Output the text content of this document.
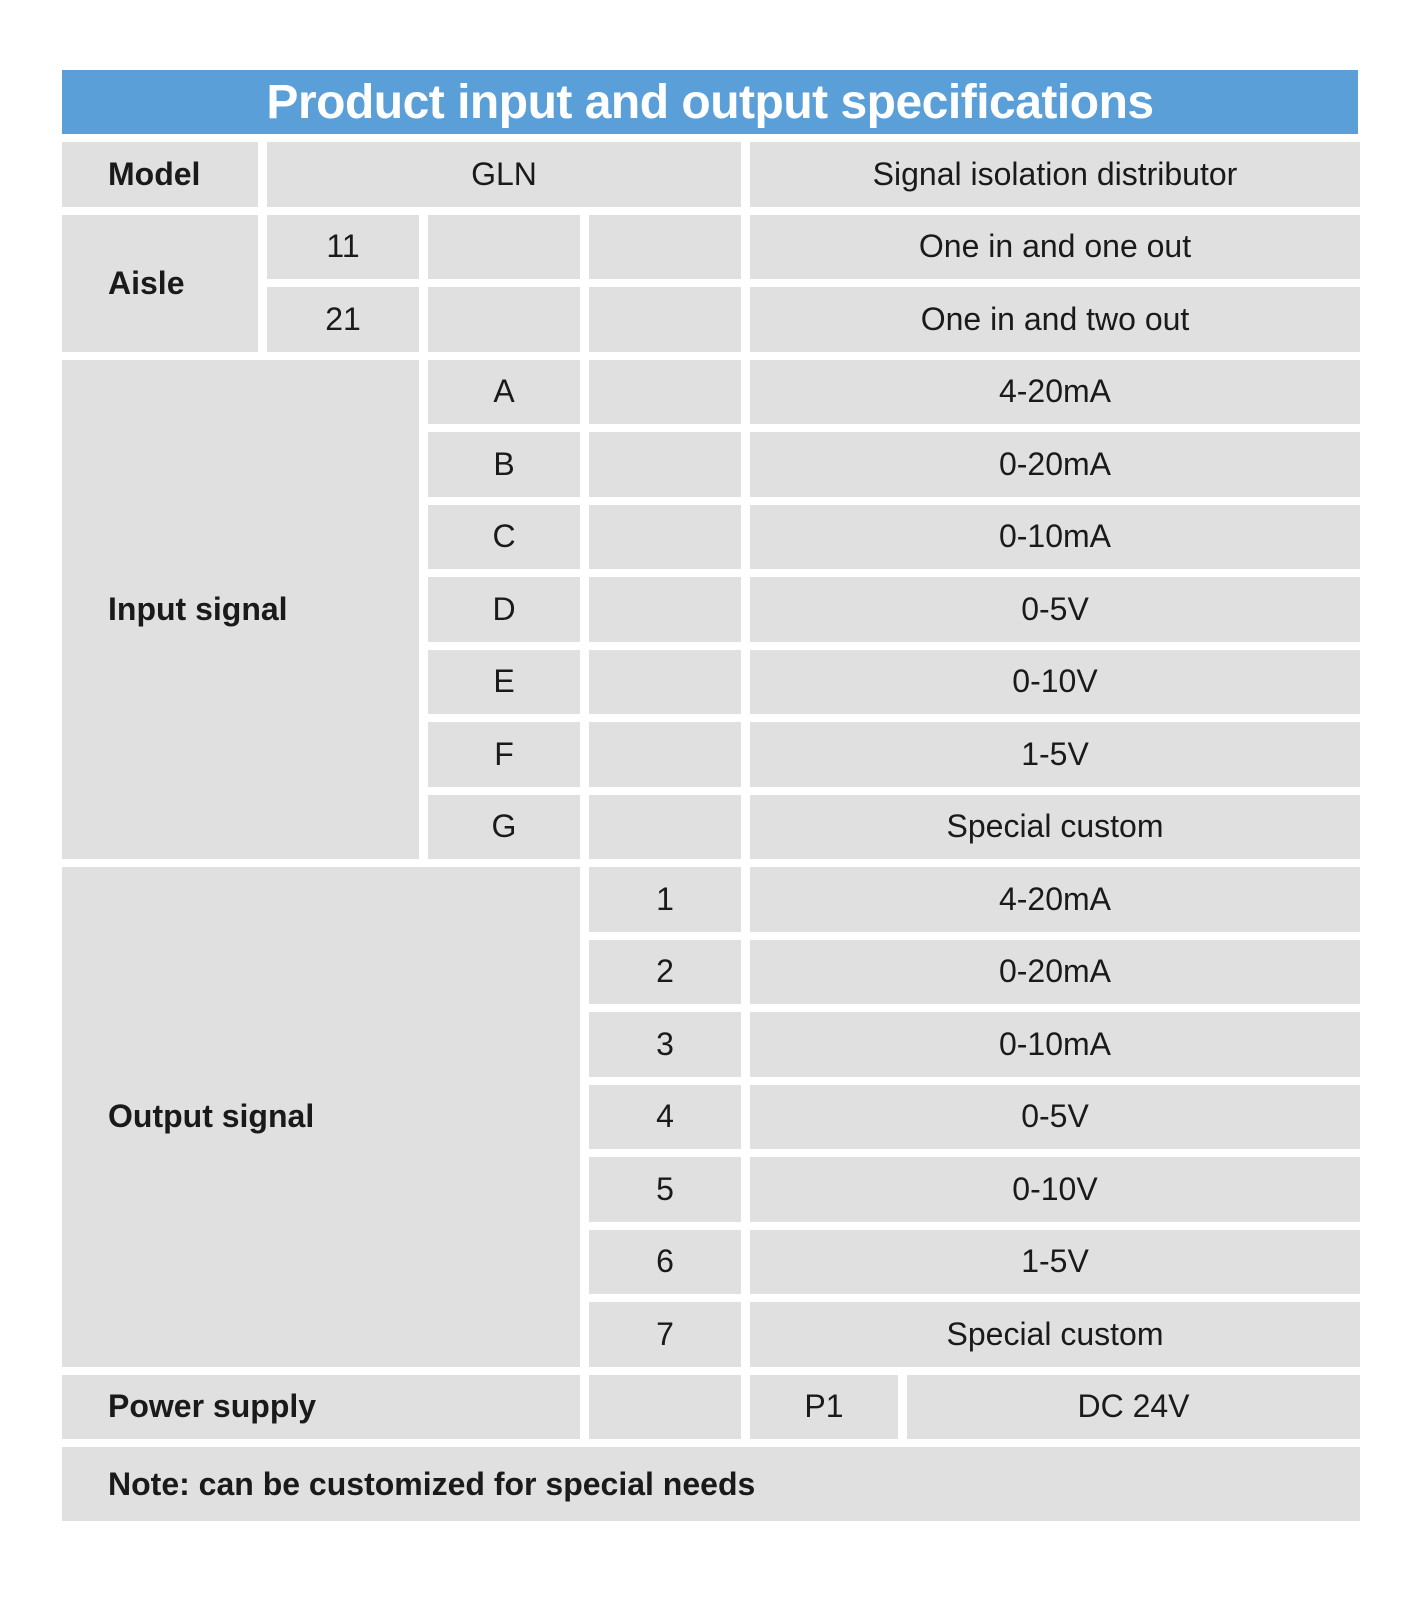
Product input and output specifications
Model	GLN	Signal isolation distributor
Aisle
11	One in and one out
21	One in and two out
Input signal
A	4-20mA
B	0-20mA
C	0-10mA
D	0-5V
E	0-10V
F	1-5V
G	Special custom
Output signal
1	4-20mA
2	0-20mA
3	0-10mA
4	0-5V
5	0-10V
6	1-5V
7	Special custom
Power supply	P1	DC 24V
Note: can be customized for special needs
